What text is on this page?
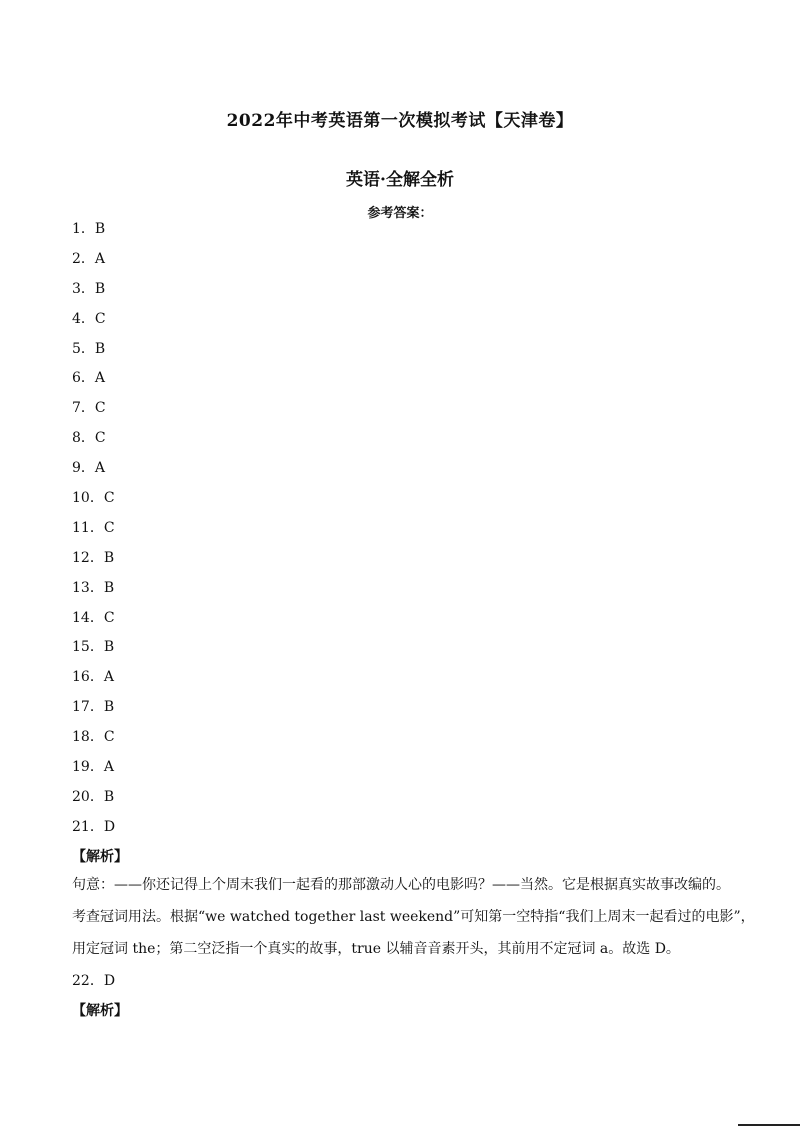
2022年中考英语第一次模拟考试【天津卷】
英语·全解全析
参考答案：
1．B
2．A
3．B
4．C
5．B
6．A
7．C
8．C
9．A
10．C
11．C
12．B
13．B
14．C
15．B
16．A
17．B
18．C
19．A
20．B
21．D
【解析】
句意：——你还记得上个周末我们一起看的那部激动人心的电影吗？——当然。它是根据真实故事改编的。
考查冠词用法。根据“we watched together last weekend”可知第一空特指“我们上周末一起看过的电影”，
用定冠词 the；第二空泛指一个真实的故事，true 以辅音音素开头，其前用不定冠词 a。故选 D。
22．D
【解析】
